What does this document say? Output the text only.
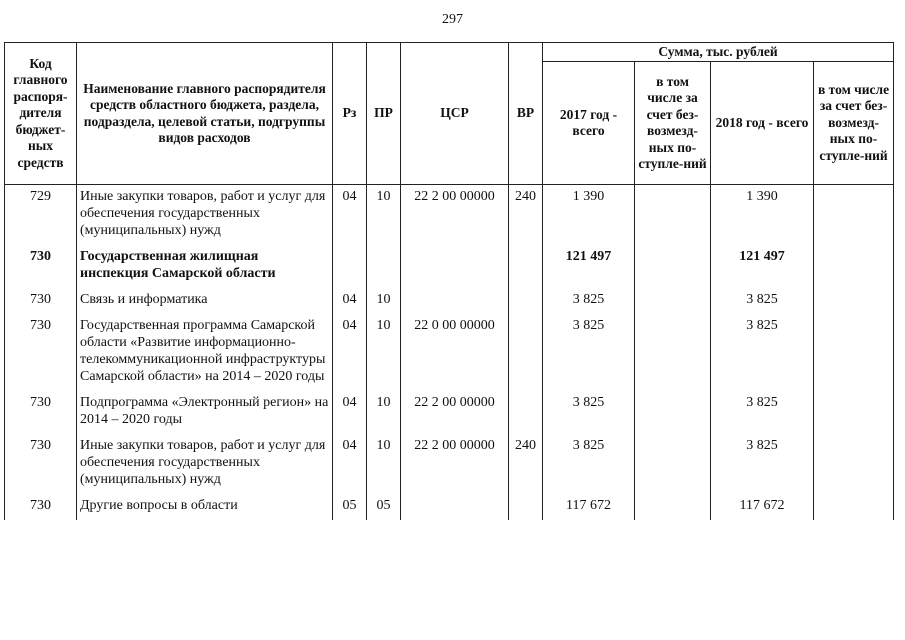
297
Код главного распоря-дителя бюджет-ных средств	Наименование главного распорядителя средств областного бюджета, раздела, подраздела, целевой статьи, подгруппы видов расходов	Рз	ПР	ЦСР	ВР	Сумма, тыс. рублей			
						2017 год - всего	в том числе за счет без-возмезд-ных по-ступле-ний	2018 год - всего	в том числе за счет без-возмезд-ных по-ступле-ний
729	Иные закупки товаров, работ и услуг для обеспечения государственных (муниципальных) нужд	04	10	22 2 00 00000	240	1 390		1 390	
730	Государственная жилищная инспекция Самарской области					121 497		121 497	
730	Связь и информатика	04	10			3 825		3 825	
730	Государственная программа Самарской области «Развитие информационно-телекоммуникационной инфраструктуры Самарской области» на 2014 – 2020 годы	04	10	22 0 00 00000		3 825		3 825	
730	Подпрограмма «Электронный регион» на 2014 – 2020 годы	04	10	22 2 00 00000		3 825		3 825	
730	Иные закупки товаров, работ и услуг для обеспечения государственных (муниципальных) нужд	04	10	22 2 00 00000	240	3 825		3 825	
730	Другие вопросы в области	05	05			117 672		117 672	
